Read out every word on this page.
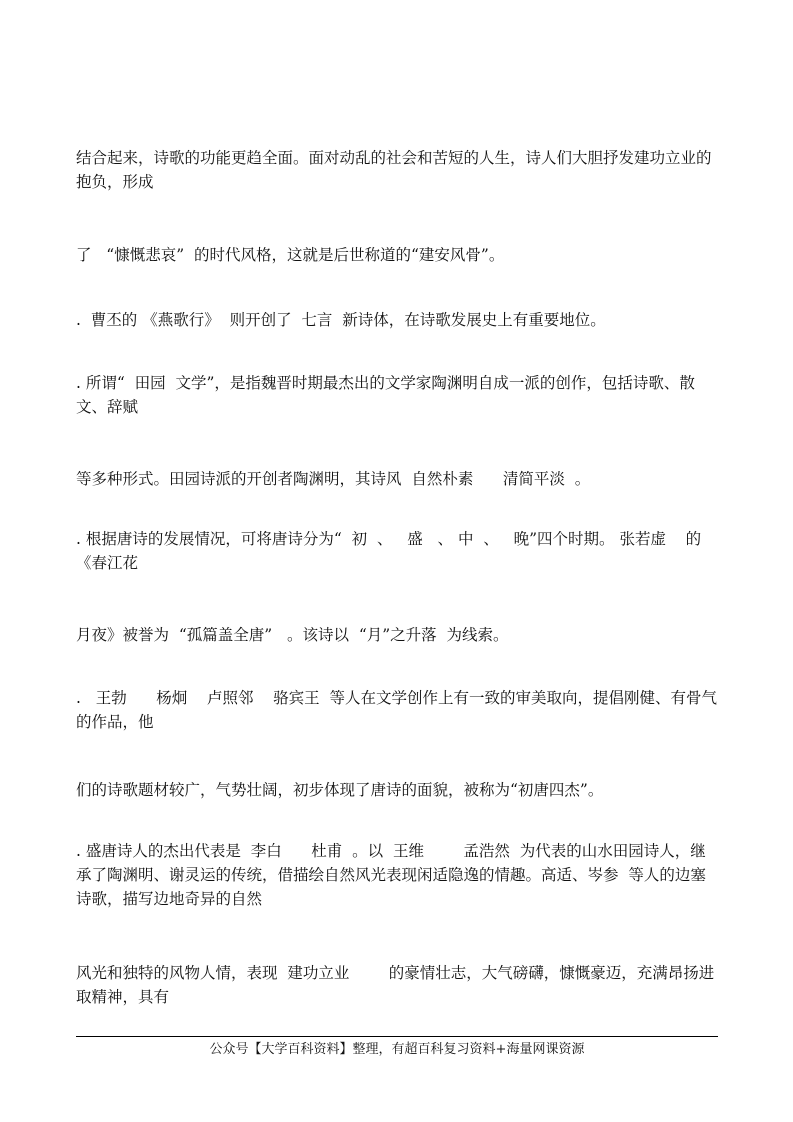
结合起来，诗歌的功能更趋全面。面对动乱的社会和苦短的人生，诗人们大胆抒发建功立业的抱负，形成

了   “慷慨悲哀”  的时代风格，这就是后世称道的“建安风骨”。

.  曹丕的 《燕歌行》  则开创了  七言  新诗体，在诗歌发展史上有重要地位。

. 所谓“  田园  文学”，是指魏晋时期最杰出的文学家陶渊明自成一派的创作，包括诗歌、散文、辞赋

等多种形式。田园诗派的开创者陶渊明，其诗风  自然朴素      清简平淡  。

. 根据唐诗的发展情况，可将唐诗分为“  初  、   盛   、 中  、   晚”四个时期。 张若虚    的《春江花

月夜》被誉为  “孤篇盖全唐”   。该诗以  “月”之升落  为线索。

.   王勃      杨炯    卢照邻    骆宾王  等人在文学创作上有一致的审美取向，提倡刚健、有骨气的作品，他

们的诗歌题材较广，气势壮阔，初步体现了唐诗的面貌，被称为“初唐四杰”。

. 盛唐诗人的杰出代表是  李白      杜甫  。以  王维        孟浩然  为代表的山水田园诗人，继承了陶渊明、谢灵运的传统，借描绘自然风光表现闲适隐逸的情趣。高适、岑参  等人的边塞诗歌，描写边地奇异的自然

风光和独特的风物人情，表现  建功立业        的豪情壮志，大气磅礴，慷慨豪迈，充满昂扬进取精神，具有

公众号【大学百科资料】整理，有超百科复习资料+海量网课资源
